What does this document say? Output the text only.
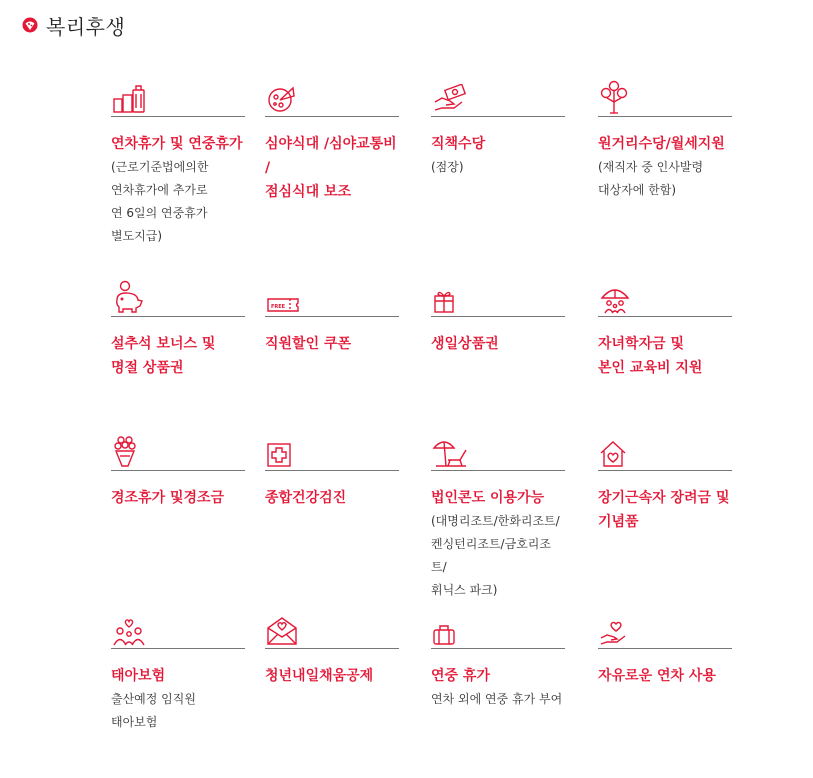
복리후생
연차휴가 및 연중휴가
(근로기준법에의한
연차휴가에 추가로
연 6일의 연중휴가
별도지급)
심야식대 /심야교통비 /
점심식대 보조
직책수당
(점장)
원거리수당/월세지원
(재직자 중 인사발령
대상자에 한함)
설추석 보너스 및
명절 상품권
FREE
직원할인 쿠폰	생일상품권	자녀학자금 및
본인 교육비 지원
경조휴가 및경조금	종합건강검진	법인콘도 이용가능
(대명리조트/한화리조트/
켄싱턴리조트/금호리조트/
휘닉스 파크)
장기근속자 장려금 및
기념품
태아보험
출산예정 임직원
태아보험
청년내일채움공제	연중 휴가
연차 외에 연중 휴가 부여
자유로운 연차 사용
